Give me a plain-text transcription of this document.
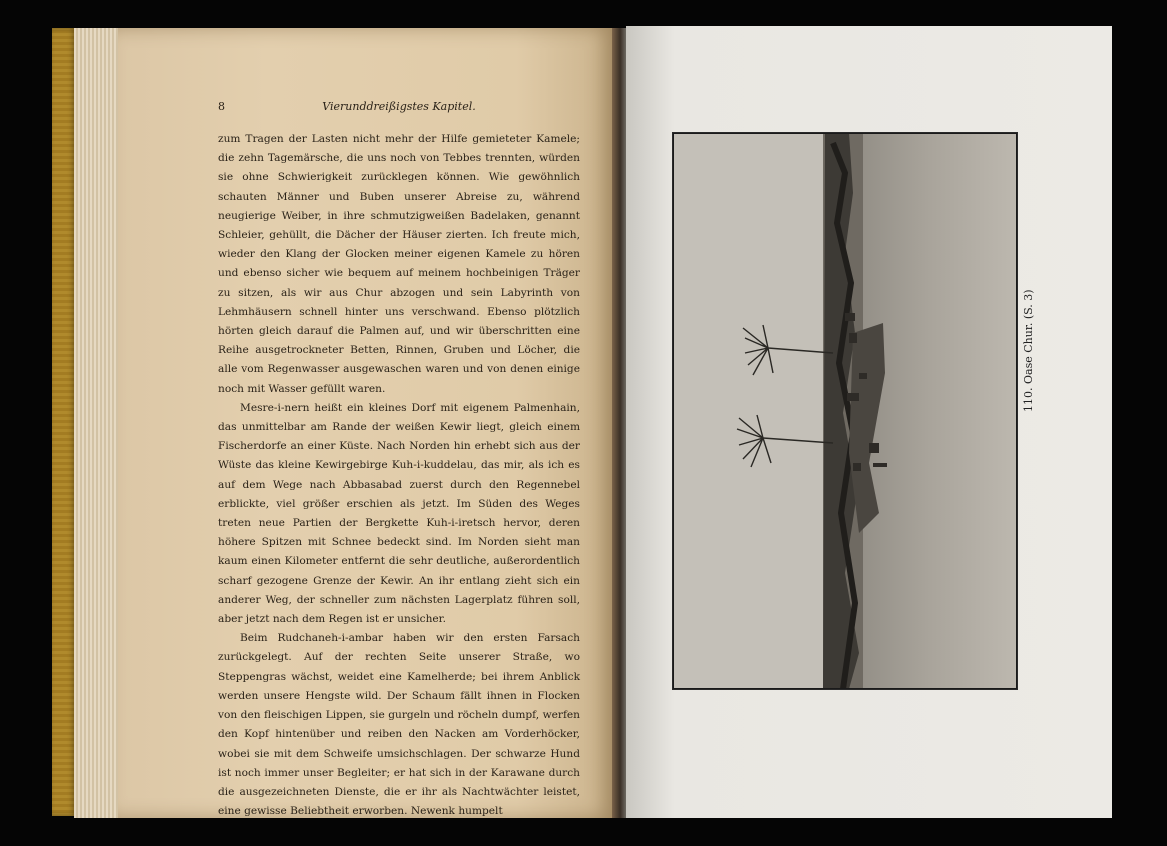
8	Vierunddreißigstes Kapitel.

zum Tragen der Lasten nicht mehr der Hilfe gemieteter Kamele; die zehn Tagemärsche, die uns noch von Tebbes trennten, würden sie ohne Schwierigkeit zurücklegen können. Wie gewöhnlich schauten Männer und Buben unserer Abreise zu, während neugierige Weiber, in ihre schmutzigweißen Badelaken, genannt Schleier, gehüllt, die Dächer der Häuser zierten. Ich freute mich, wieder den Klang der Glocken meiner eigenen Kamele zu hören und ebenso sicher wie bequem auf meinem hochbeinigen Träger zu sitzen, als wir aus Chur abzogen und sein Labyrinth von Lehmhäusern schnell hinter uns verschwand. Ebenso plötzlich hörten gleich darauf die Palmen auf, und wir überschritten eine Reihe ausgetrockneter Betten, Rinnen, Gruben und Löcher, die alle vom Regenwasser ausgewaschen waren und von denen einige noch mit Wasser gefüllt waren.

Mesre-i-nern heißt ein kleines Dorf mit eigenem Palmenhain, das unmittelbar am Rande der weißen Kewir liegt, gleich einem Fischerdorfe an einer Küste. Nach Norden hin erhebt sich aus der Wüste das kleine Kewirgebirge Kuh-i-kuddelau, das mir, als ich es auf dem Wege nach Abbasabad zuerst durch den Regennebel erblickte, viel größer erschien als jetzt. Im Süden des Weges treten neue Partien der Bergkette Kuh-i-iretsch hervor, deren höhere Spitzen mit Schnee bedeckt sind. Im Norden sieht man kaum einen Kilometer entfernt die sehr deutliche, außerordentlich scharf gezogene Grenze der Kewir. An ihr entlang zieht sich ein anderer Weg, der schneller zum nächsten Lagerplatz führen soll, aber jetzt nach dem Regen ist er unsicher.

Beim Rudchaneh-i-ambar haben wir den ersten Farsach zurückgelegt. Auf der rechten Seite unserer Straße, wo Steppengras wächst, weidet eine Kamelherde; bei ihrem Anblick werden unsere Hengste wild. Der Schaum fällt ihnen in Flocken von den fleischigen Lippen, sie gurgeln und röcheln dumpf, werfen den Kopf hintenüber und reiben den Nacken am Vorderhöcker, wobei sie mit dem Schweife umsichschlagen. Der schwarze Hund ist noch immer unser Begleiter; er hat sich in der Karawane durch die ausgezeichneten Dienste, die er ihr als Nachtwächter leistet, eine gewisse Beliebtheit erworben. Newenk humpelt
